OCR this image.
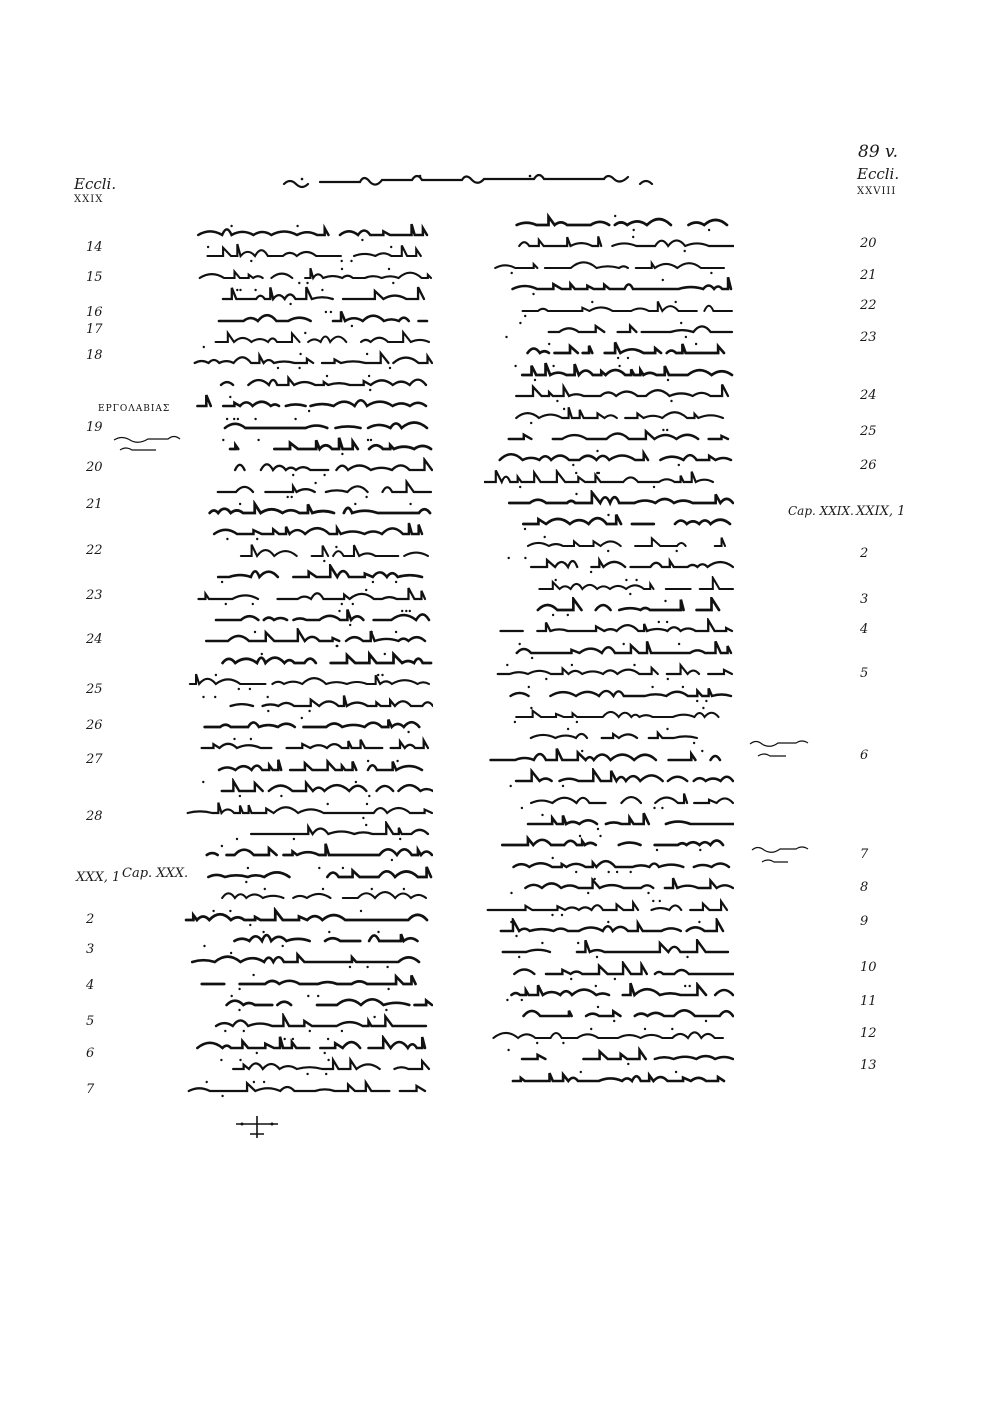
89 v.
Eccli.
XXIX
Eccli.
XXVIII
14
15
16
17
18
19
20
21
22
23
24
25
26
27
28
XXX, 1
2
3
4
5
6
7
Cap. XXX.
ΕΡΓΟΛΑΒΙΑΣ
20
21
22
23
24
25
26
XXIX, 1
2
3
4
5
6
7
8
9
10
11
12
13
Cap. XXIX.
